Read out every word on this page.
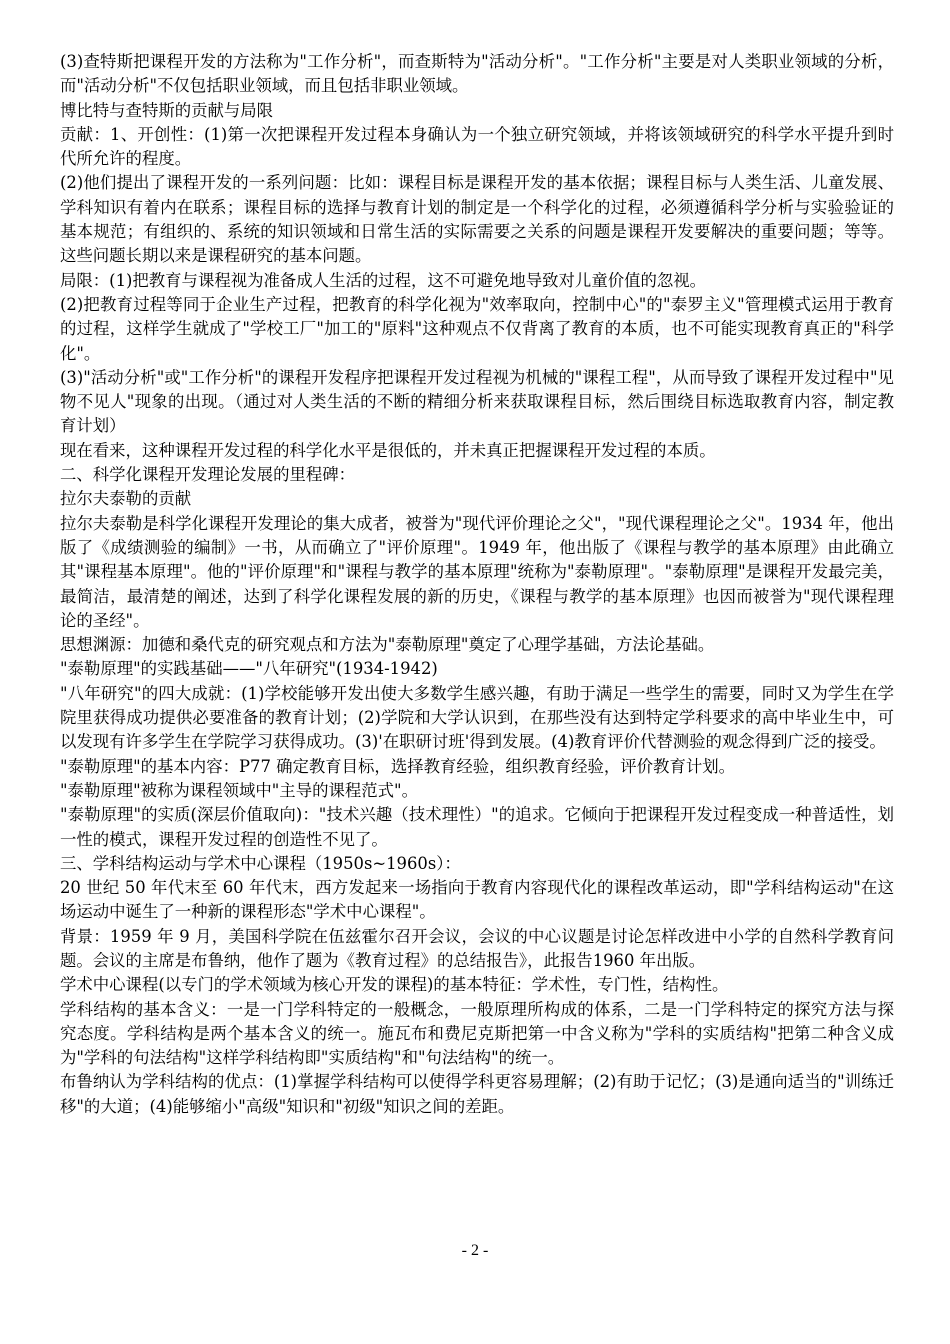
(3)查特斯把课程开发的方法称为"工作分析"，而查斯特为"活动分析"。"工作分析"主要是对人类职业领域的分析，而"活动分析"不仅包括职业领域，而且包括非职业领域。

博比特与查特斯的贡献与局限

贡献：1、开创性：(1)第一次把课程开发过程本身确认为一个独立研究领域，并将该领域研究的科学水平提升到时代所允许的程度。

(2)他们提出了课程开发的一系列问题：比如：课程目标是课程开发的基本依据；课程目标与人类生活、儿童发展、学科知识有着内在联系；课程目标的选择与教育计划的制定是一个科学化的过程，必须遵循科学分析与实验验证的基本规范；有组织的、系统的知识领域和日常生活的实际需要之关系的问题是课程开发要解决的重要问题；等等。这些问题长期以来是课程研究的基本问题。

局限：(1)把教育与课程视为准备成人生活的过程，这不可避免地导致对儿童价值的忽视。

(2)把教育过程等同于企业生产过程，把教育的科学化视为"效率取向，控制中心"的"泰罗主义"管理模式运用于教育的过程，这样学生就成了"学校工厂"加工的"原料"这种观点不仅背离了教育的本质，也不可能实现教育真正的"科学化"。

(3)"活动分析"或"工作分析"的课程开发程序把课程开发过程视为机械的"课程工程"，从而导致了课程开发过程中"见物不见人"现象的出现。（通过对人类生活的不断的精细分析来获取课程目标，然后围绕目标选取教育内容，制定教育计划）

现在看来，这种课程开发过程的科学化水平是很低的，并未真正把握课程开发过程的本质。

二、科学化课程开发理论发展的里程碑：

拉尔夫泰勒的贡献

拉尔夫泰勒是科学化课程开发理论的集大成者，被誉为"现代评价理论之父"，"现代课程理论之父"。1934 年，他出版了《成绩测验的编制》一书，从而确立了"评价原理"。1949 年，他出版了《课程与教学的基本原理》由此确立其"课程基本原理"。他的"评价原理"和"课程与教学的基本原理"统称为"泰勒原理"。"泰勒原理"是课程开发最完美，最简洁，最清楚的阐述，达到了科学化课程发展的新的历史，《课程与教学的基本原理》也因而被誉为"现代课程理论的圣经"。

思想渊源：加德和桑代克的研究观点和方法为"泰勒原理"奠定了心理学基础，方法论基础。

"泰勒原理"的实践基础——"八年研究"(1934-1942)

"八年研究"的四大成就：(1)学校能够开发出使大多数学生感兴趣，有助于满足一些学生的需要，同时又为学生在学院里获得成功提供必要准备的教育计划；(2)学院和大学认识到，在那些没有达到特定学科要求的高中毕业生中，可以发现有许多学生在学院学习获得成功。(3)'在职研讨班'得到发展。(4)教育评价代替测验的观念得到广泛的接受。

"泰勒原理"的基本内容：P77 确定教育目标，选择教育经验，组织教育经验，评价教育计划。

"泰勒原理"被称为课程领域中"主导的课程范式"。

"泰勒原理"的实质(深层价值取向)："技术兴趣（技术理性）"的追求。它倾向于把课程开发过程变成一种普适性，划一性的模式，课程开发过程的创造性不见了。

三、学科结构运动与学术中心课程（1950s~1960s）：

20 世纪 50 年代末至 60 年代末，西方发起来一场指向于教育内容现代化的课程改革运动，即"学科结构运动"在这场运动中诞生了一种新的课程形态"学术中心课程"。

背景：1959 年 9 月，美国科学院在伍兹霍尔召开会议，会议的中心议题是讨论怎样改进中小学的自然科学教育问题。会议的主席是布鲁纳，他作了题为《教育过程》的总结报告》，此报告1960 年出版。

学术中心课程(以专门的学术领域为核心开发的课程)的基本特征：学术性，专门性，结构性。

学科结构的基本含义：一是一门学科特定的一般概念，一般原理所构成的体系，二是一门学科特定的探究方法与探究态度。学科结构是两个基本含义的统一。施瓦布和费尼克斯把第一中含义称为"学科的实质结构"把第二种含义成为"学科的句法结构"这样学科结构即"实质结构"和"句法结构"的统一。

布鲁纳认为学科结构的优点：(1)掌握学科结构可以使得学科更容易理解；(2)有助于记忆；(3)是通向适当的"训练迁移"的大道；(4)能够缩小"高级"知识和"初级"知识之间的差距。

- 2 -
